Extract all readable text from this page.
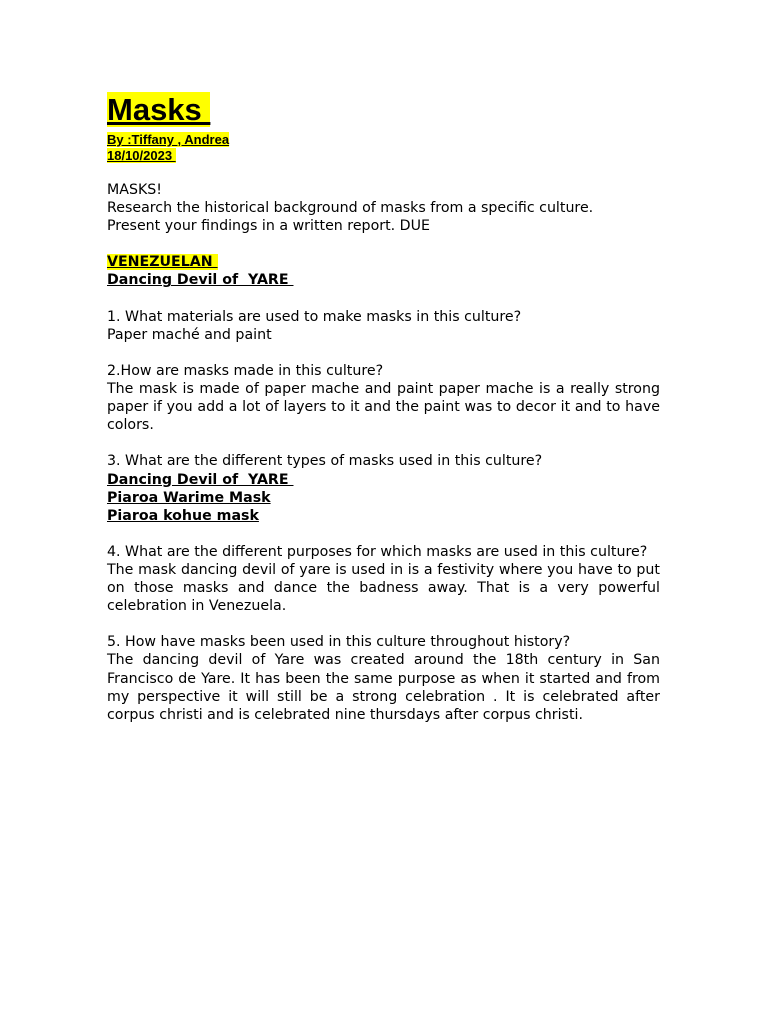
Masks
By :Tiffany , Andrea
18/10/2023

MASKS!
Research the historical background of masks from a specific culture.
Present your findings in a written report. DUE

VENEZUELAN
Dancing Devil of  YARE

1. What materials are used to make masks in this culture?

Paper maché and paint

2.How are masks made in this culture?

The mask is made of paper mache and paint paper mache is a really strong paper if you add a lot of layers to it and the paint was to decor it and to have colors.

3. What are the different types of masks used in this culture?

Dancing Devil of  YARE
Piaroa Warime Mask
Piaroa kohue mask

4. What are the different purposes for which masks are used in this culture?

The mask dancing devil of yare is used in is a festivity where you have to put on those masks and dance the badness away. That is a very powerful celebration in Venezuela.

5. How have masks been used in this culture throughout history?

The dancing devil of Yare was created around the 18th century in San Francisco de Yare. It has been the same purpose as when it started and from my perspective it will still be a strong celebration . It is celebrated after corpus christi and is celebrated nine thursdays after corpus christi.
